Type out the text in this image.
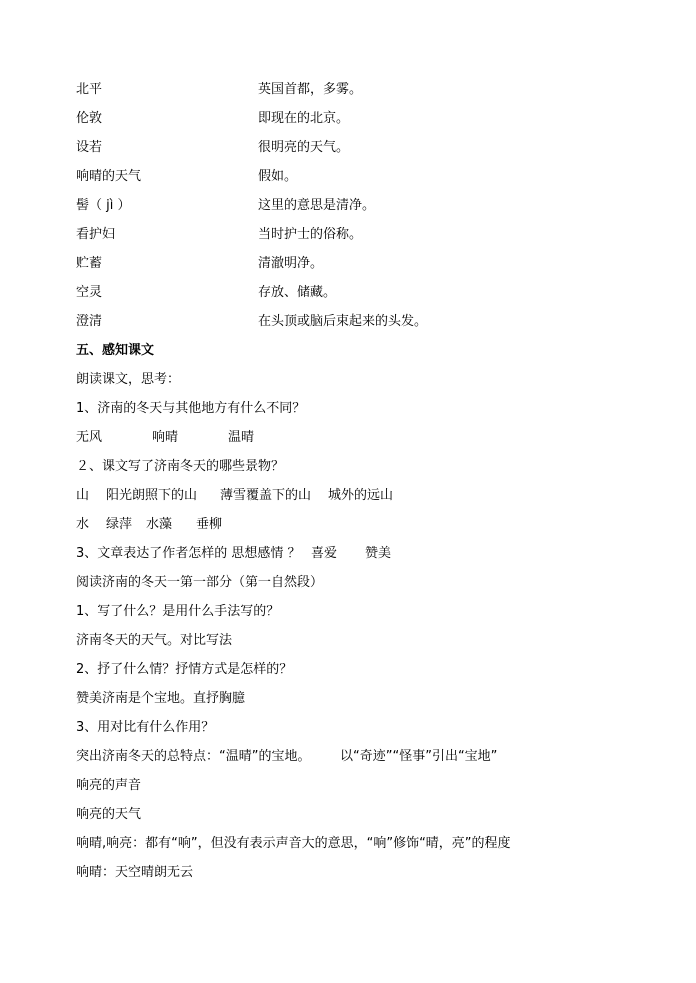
北平	英国首都，多雾。
伦敦	即现在的北京。
设若	很明亮的天气。
响晴的天气	假如。
髻（ jì ）	这里的意思是清净。
看护妇	当时护士的俗称。
贮蓄	清澈明净。
空灵	存放、储藏。
澄清	在头顶或脑后束起来的头发。
五、感知课文
朗读课文，思考：
1、济南的冬天与其他地方有什么不同？
无风	响晴	温晴
２、课文写了济南冬天的哪些景物？
山 阳光朗照下的山 薄雪覆盖下的山 城外的远山
水 绿萍 水藻 垂柳
3、文章表达了作者怎样的 思想感情 ？ 喜爱 赞美
阅读济南的冬天一第一部分（第一自然段）
1、写了什么？是用什么手法写的？
济南冬天的天气。对比写法
2、抒了什么情？抒情方式是怎样的？
赞美济南是个宝地。直抒胸臆
3、用对比有什么作用？
突出济南冬天的总特点：“温晴”的宝地。 以“奇迹”“怪事”引出“宝地”
响亮的声音
响亮的天气
响晴,响亮：都有“响”，但没有表示声音大的意思，“响”修饰“晴，亮”的程度
响晴：天空晴朗无云
